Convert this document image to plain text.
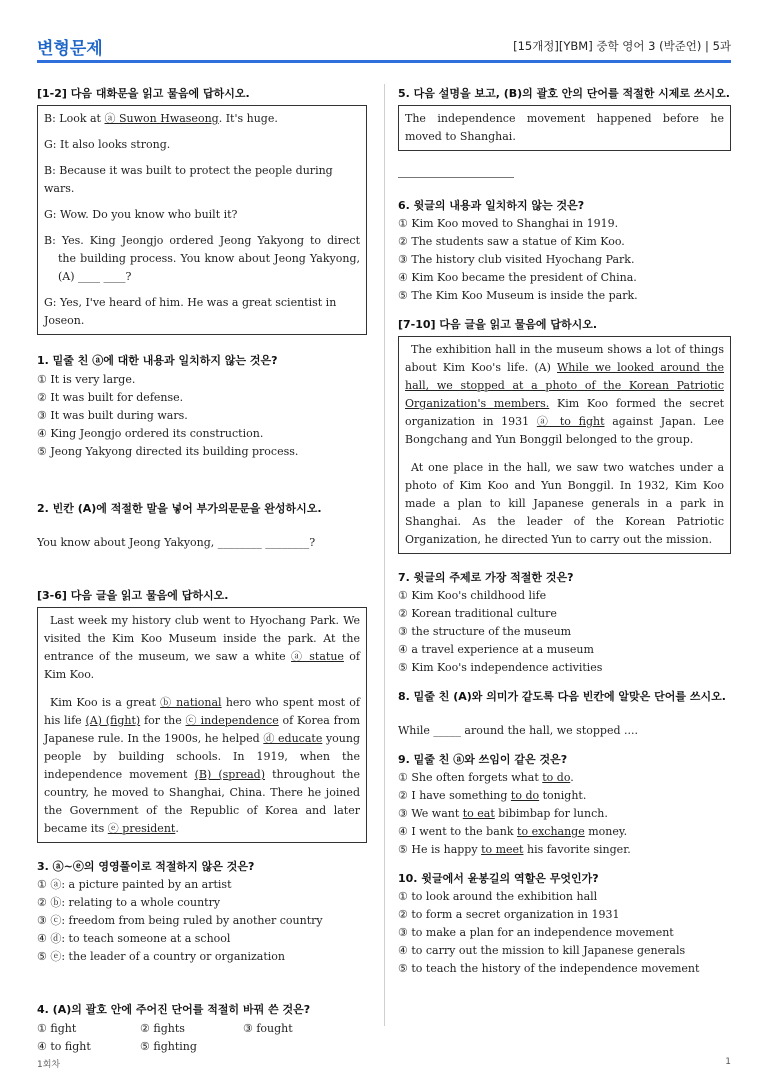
변형문제	[15개정][YBM] 중학 영어 3 (박준언) | 5과
[1-2] 다음 대화문을 읽고 물음에 답하시오.
B: Look at ⓐ Suwon Hwaseong. It's huge.
G: It also looks strong.
B: Because it was built to protect the people during wars.
G: Wow. Do you know who built it?
B: Yes. King Jeongjo ordered Jeong Yakyong to direct the building process. You know about Jeong Yakyong, (A) ____ ____?
G: Yes, I've heard of him. He was a great scientist in Joseon.
1. 밑줄 친 ⓐ에 대한 내용과 일치하지 않는 것은?
① It is very large.
② It was built for defense.
③ It was built during wars.
④ King Jeongjo ordered its construction.
⑤ Jeong Yakyong directed its building process.
2. 빈칸 (A)에 적절한 말을 넣어 부가의문문을 완성하시오.
You know about Jeong Yakyong, ________ ________?
[3-6] 다음 글을 읽고 물음에 답하시오.
Last week my history club went to Hyochang Park. We visited the Kim Koo Museum inside the park. At the entrance of the museum, we saw a white ⓐ statue of Kim Koo.
Kim Koo is a great ⓑ national hero who spent most of his life (A) (fight) for the ⓒ independence of Korea from Japanese rule. In the 1900s, he helped ⓓ educate young people by building schools. In 1919, when the independence movement (B) (spread) throughout the country, he moved to Shanghai, China. There he joined the Government of the Republic of Korea and later became its ⓔ president.
3. ⓐ~ⓔ의 영영풀이로 적절하지 않은 것은?
① ⓐ: a picture painted by an artist
② ⓑ: relating to a whole country
③ ⓒ: freedom from being ruled by another country
④ ⓓ: to teach someone at a school
⑤ ⓔ: the leader of a country or organization
4. (A)의 괄호 안에 주어진 단어를 적절히 바꿔 쓴 것은?
① fight	② fights	③ fought
④ to fight	⑤ fighting
5. 다음 설명을 보고, (B)의 괄호 안의 단어를 적절한 시제로 쓰시오.
The independence movement happened before he moved to Shanghai.
6. 윗글의 내용과 일치하지 않는 것은?
① Kim Koo moved to Shanghai in 1919.
② The students saw a statue of Kim Koo.
③ The history club visited Hyochang Park.
④ Kim Koo became the president of China.
⑤ The Kim Koo Museum is inside the park.
[7-10] 다음 글을 읽고 물음에 답하시오.
The exhibition hall in the museum shows a lot of things about Kim Koo's life. (A) While we looked around the hall, we stopped at a photo of the Korean Patriotic Organization's members. Kim Koo formed the secret organization in 1931 ⓐ to fight against Japan. Lee Bongchang and Yun Bonggil belonged to the group.
At one place in the hall, we saw two watches under a photo of Kim Koo and Yun Bonggil. In 1932, Kim Koo made a plan to kill Japanese generals in a park in Shanghai. As the leader of the Korean Patriotic Organization, he directed Yun to carry out the mission.
7. 윗글의 주제로 가장 적절한 것은?
① Kim Koo's childhood life
② Korean traditional culture
③ the structure of the museum
④ a travel experience at a museum
⑤ Kim Koo's independence activities
8. 밑줄 친 (A)와 의미가 같도록 다음 빈칸에 알맞은 단어를 쓰시오.
While _____ around the hall, we stopped ....
9. 밑줄 친 ⓐ와 쓰임이 같은 것은?
① She often forgets what to do.
② I have something to do tonight.
③ We want to eat bibimbap for lunch.
④ I went to the bank to exchange money.
⑤ He is happy to meet his favorite singer.
10. 윗글에서 윤봉길의 역할은 무엇인가?
① to look around the exhibition hall
② to form a secret organization in 1931
③ to make a plan for an independence movement
④ to carry out the mission to kill Japanese generals
⑤ to teach the history of the independence movement
1회차	1
